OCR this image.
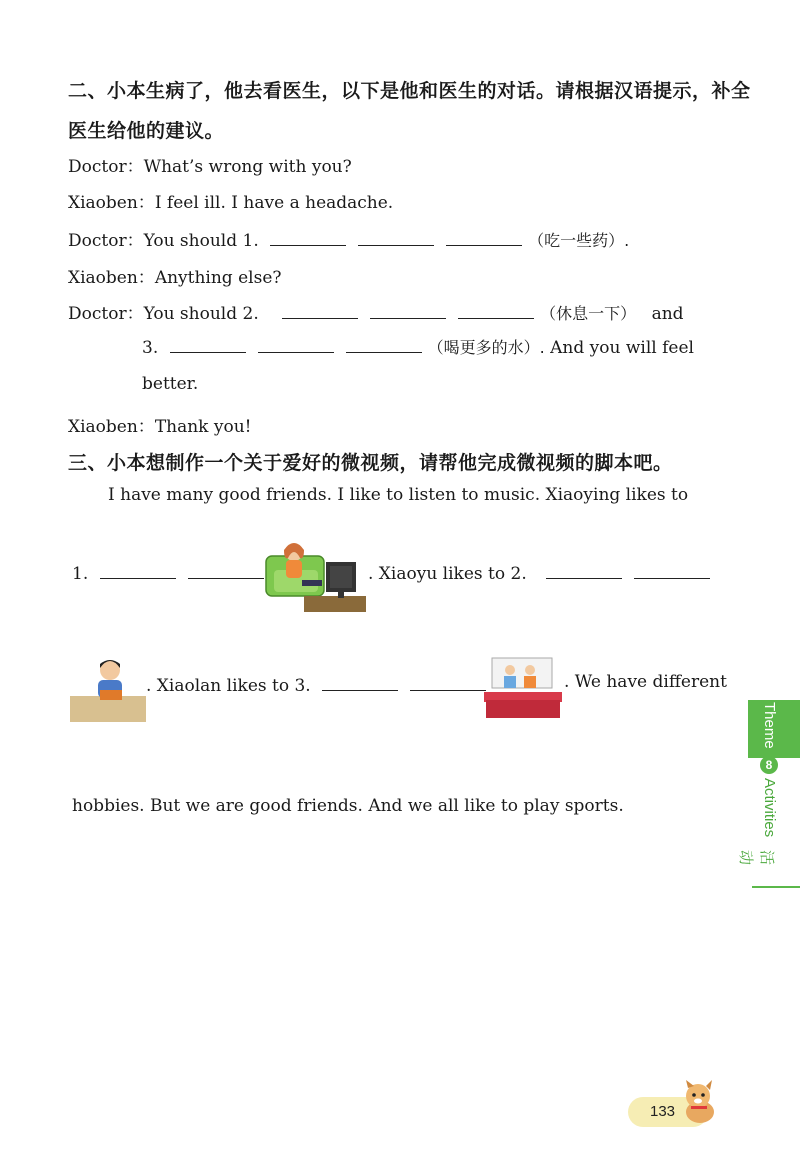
二、小本生病了，他去看医生，以下是他和医生的对话。请根据汉语提示，补全
医生给他的建议。
Doctor：What’s wrong with you?
Xiaoben：I feel ill. I have a headache.
Doctor：You should 1.	（吃一些药）.
Xiaoben：Anything else?
Doctor：You should 2.	（休息一下） and
3.	（喝更多的水）. And you will feel
better.
Xiaoben：Thank you!
三、小本想制作一个关于爱好的微视频，请帮他完成微视频的脚本吧。
I have many good friends. I like to listen to music. Xiaoying likes to
1.	. Xiaoyu likes to 2.
. Xiaolan likes to 3.	. We have different
hobbies. But we are good friends. And we all like to play sports.
Theme
8
Activities
活动
133
